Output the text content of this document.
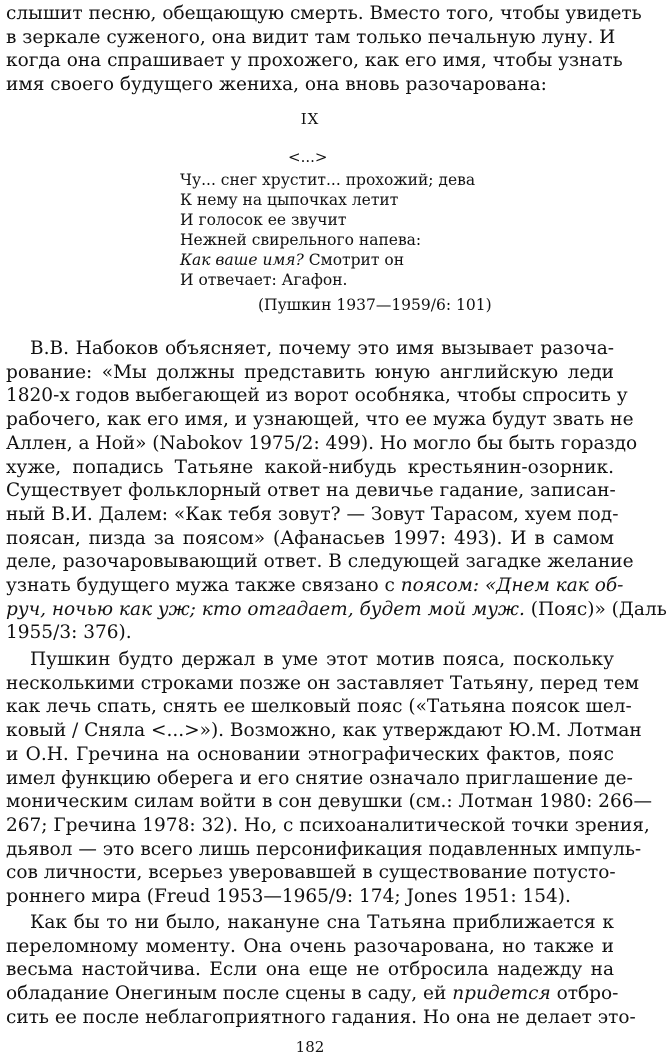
слышит песню, обещающую смерть. Вместо того, чтобы увидеть
в зеркале суженого, она видит там только печальную луну. И
когда она спрашивает у прохожего, как его имя, чтобы узнать
имя своего будущего жениха, она вновь разочарована:
IX
<...>
Чу... снег хрустит... прохожий; дева
К нему на цыпочках летит
И голосок ее звучит
Нежней свирельного напева:
Как ваше имя? Смотрит он
И отвечает: Агафон.
(Пушкин 1937—1959/6: 101)
В.В. Набоков объясняет, почему это имя вызывает разоча-
рование: «Мы должны представить юную английскую леди
1820-х годов выбегающей из ворот особняка, чтобы спросить у
рабочего, как его имя, и узнающей, что ее мужа будут звать не
Аллен, а Ной» (Nabokov 1975/2: 499). Но могло бы быть гораздо
хуже, попадись Татьяне какой-нибудь крестьянин-озорник.
Существует фольклорный ответ на девичье гадание, записан-
ный В.И. Далем: «Как тебя зовут? — Зовут Тарасом, хуем под-
поясан, пизда за поясом» (Афанасьев 1997: 493). И в самом
деле, разочаровывающий ответ. В следующей загадке желание
узнать будущего мужа также связано с поясом: «Днем как об-
руч, ночью как уж; кто отгадает, будет мой муж. (Пояс)» (Даль
1955/3: 376).
Пушкин будто держал в уме этот мотив пояса, поскольку
несколькими строками позже он заставляет Татьяну, перед тем
как лечь спать, снять ее шелковый пояс («Татьяна поясок шел-
ковый / Сняла <...>»). Возможно, как утверждают Ю.М. Лотман
и О.Н. Гречина на основании этнографических фактов, пояс
имел функцию оберега и его снятие означало приглашение де-
моническим силам войти в сон девушки (см.: Лотман 1980: 266—
267; Гречина 1978: 32). Но, с психоаналитической точки зрения,
дьявол — это всего лишь персонификация подавленных импуль-
сов личности, всерьез уверовавшей в существование потусто-
роннего мира (Freud 1953—1965/9: 174; Jones 1951: 154).
Как бы то ни было, накануне сна Татьяна приближается к
переломному моменту. Она очень разочарована, но также и
весьма настойчива. Если она еще не отбросила надежду на
обладание Онегиным после сцены в саду, ей придется отбро-
сить ее после неблагоприятного гадания. Но она не делает это-
182
